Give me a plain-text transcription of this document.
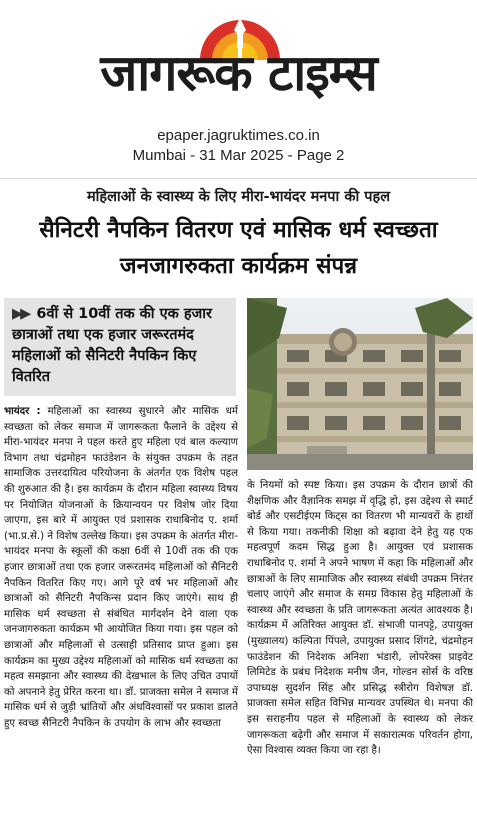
जागरूक टाइम्स
epaper.jagruktimes.co.in
Mumbai - 31 Mar 2025 - Page 2
महिलाओं के स्वास्थ्य के लिए मीरा-भायंदर मनपा की पहल
सैनिटरी नैपकिन वितरण एवं मासिक धर्म स्वच्छता जनजागरुकता कार्यक्रम संपन्न
▶▶ 6वीं से 10वीं तक की एक हजार छात्राओं तथा एक हजार जरूरतमंद महिलाओं को सैनिटरी नैपकिन किए वितरित

भायंदर : महिलाओं का स्वास्थ्य सुधारने और मासिक धर्म स्वच्छता को लेकर समाज में जागरूकता फैलाने के उद्देश्य से मीरा-भायंदर मनपा ने पहल करते हुए महिला एवं बाल कल्याण विभाग तथा चंद्रमोहन फाउंडेशन के संयुक्त उपक्रम के तहत सामाजिक उत्तरदायित्व परियोजना के अंतर्गत एक विशेष पहल की शुरुआत की है। इस कार्यक्रम के दौरान महिला स्वास्थ्य विषय पर नियोजित योजनाओं के क्रियान्वयन पर विशेष जोर दिया जाएगा, इस बारे में आयुक्त एवं प्रशासक राधाबिनोद ए. शर्मा (भा.प्र.से.) ने विशेष उल्लेख किया। इस उपक्रम के अंतर्गत मीरा-भायंदर मनपा के स्कूलों की कक्षा 6वीं से 10वीं तक की एक हजार छात्राओं तथा एक हजार जरूरतमंद महिलाओं को सैनिटरी नैपकिन वितरित किए गए। आगे पूरे वर्ष भर महिलाओं और छात्राओं को सैनिटरी नैपकिन्स प्रदान किए जाएंगे। साथ ही मासिक धर्म स्वच्छता से संबंधित मार्गदर्शन देने वाला एक जनजागरुकता कार्यक्रम भी आयोजित किया गया। इस पहल को छात्राओं और महिलाओं से उत्साही प्रतिसाद प्राप्त हुआ। इस कार्यक्रम का मुख्य उद्देश्य महिलाओं को मासिक धर्म स्वच्छता का महत्व समझाना और स्वास्थ्य की देखभाल के लिए उचित उपायों को अपनाने हेतु प्रेरित करना था। डॉ. प्राजक्ता समेल ने समाज में मासिक धर्म से जुड़ी भ्रांतियों और अंधविश्वासों पर प्रकाश डालते हुए स्वच्छ सैनिटरी नैपकिन के उपयोग के लाभ और स्वच्छता

के नियमों को स्पष्ट किया। इस उपक्रम के दौरान छात्रों की शैक्षणिक और वैज्ञानिक समझ में वृद्धि हो, इस उद्देश्य से स्मार्ट बोर्ड और एसटीईएम किट्स का वितरण भी मान्यवरों के हाथों से किया गया। तकनीकी शिक्षा को बढ़ावा देने हेतु यह एक महत्वपूर्ण कदम सिद्ध हुआ है। आयुक्त एवं प्रशासक राधाबिनोद ए. शर्मा ने अपने भाषण में कहा कि महिलाओं और छात्राओं के लिए सामाजिक और स्वास्थ्य संबंधी उपक्रम निरंतर चलाए जाएंगे और समाज के समग्र विकास हेतु महिलाओं के स्वास्थ्य और स्वच्छता के प्रति जागरूकता अत्यंत आवश्यक है। कार्यक्रम में अतिरिक्त आयुक्त डॉ. संभाजी पानपट्टे, उपायुक्त (मुख्यालय) कल्पिता पिंपले, उपायुक्त प्रसाद शिंगटे, चंद्रमोहन फाउंडेशन की निदेशक अनिशा भंडारी, लोपरेक्स प्राइवेट लिमिटेड के प्रबंध निदेशक मनीष जैन, गोल्डन सोर्स के वरिष्ठ उपाध्यक्ष सुदर्शन सिंह और प्रसिद्ध स्त्रीरोग विशेषज्ञ डॉ. प्राजक्ता समेल सहित विभिन्न मान्यवर उपस्थित थे। मनपा की इस सराहनीय पहल से महिलाओं के स्वास्थ्य को लेकर जागरूकता बढ़ेगी और समाज में सकारात्मक परिवर्तन होगा, ऐसा विश्वास व्यक्त किया जा रहा है।
